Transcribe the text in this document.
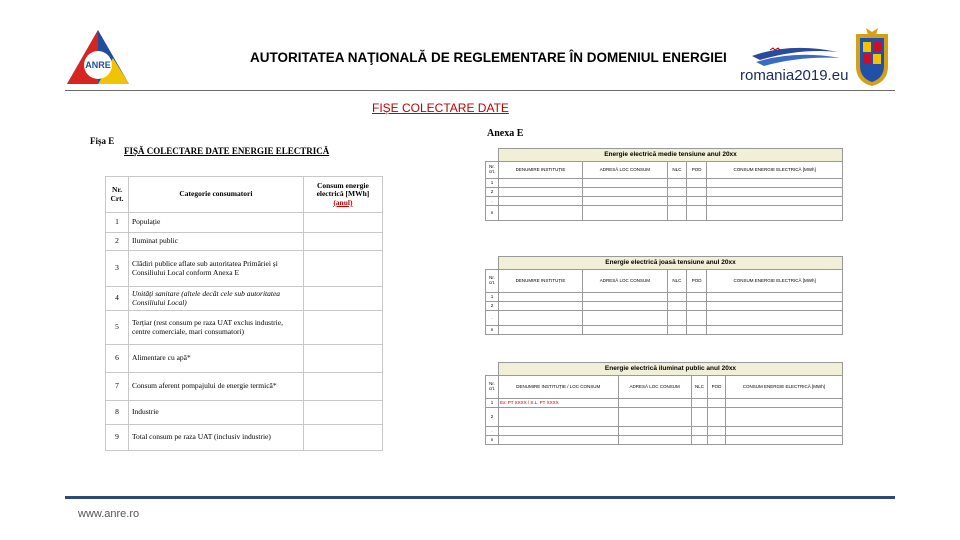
ANRE	AUTORITATEA NAŢIONALĂ DE REGLEMENTARE ÎN DOMENIUL ENERGIEI
romania2019.eu
FIȘE COLECTARE DATE
Fișa E
FIȘĂ COLECTARE DATE ENERGIE ELECTRICĂ
Nr. Crt.	Categorie consumatori	Consum energie electrică [MWh]
(anul)
1	Populație	
2	Iluminat public	
3	Clădiri publice aflate sub autoritatea Primăriei și Consiliului Local conform Anexa E	
4	Unități sanitare (altele decât cele sub autoritatea Consiliului Local)	
5	Terțiar (rest consum pe raza UAT exclus industrie, centre comerciale, mari consumatori)	
6	Alimentare cu apă*	
7	Consum aferent pompajului de energie termică*	
8	Industrie	
9	Total consum pe raza UAT (inclusiv industrie)	
Anexa E
	Energie electrică medie tensiune anul 20xx				
Nr. crt.	DENUMIRE INSTITUȚIE	ADRESĂ LOC CONSUM	NLC	POD	CONSUM ENERGIE ELECTRICĂ [MWh]
1					
2					
.					
n					
	Energie electrică joasă tensiune anul 20xx				
Nr. crt.	DENUMIRE INSTITUȚIE	ADRESĂ LOC CONSUM	NLC	POD	CONSUM ENERGIE ELECTRICĂ [MWh]
1					
2					
.					
n					
	Energie electrică iluminat public anul 20xx				
Nr. crt.	DENUMIRE INSTITUȚIE / LOC CONSUM	ADRESĂ LOC CONSUM	NLC	POD	CONSUM ENERGIE ELECTRICĂ [MWh]
1	Ex: PT XXXX / S.L. PT XXXX				
2					
.					
n					
www.anre.ro
